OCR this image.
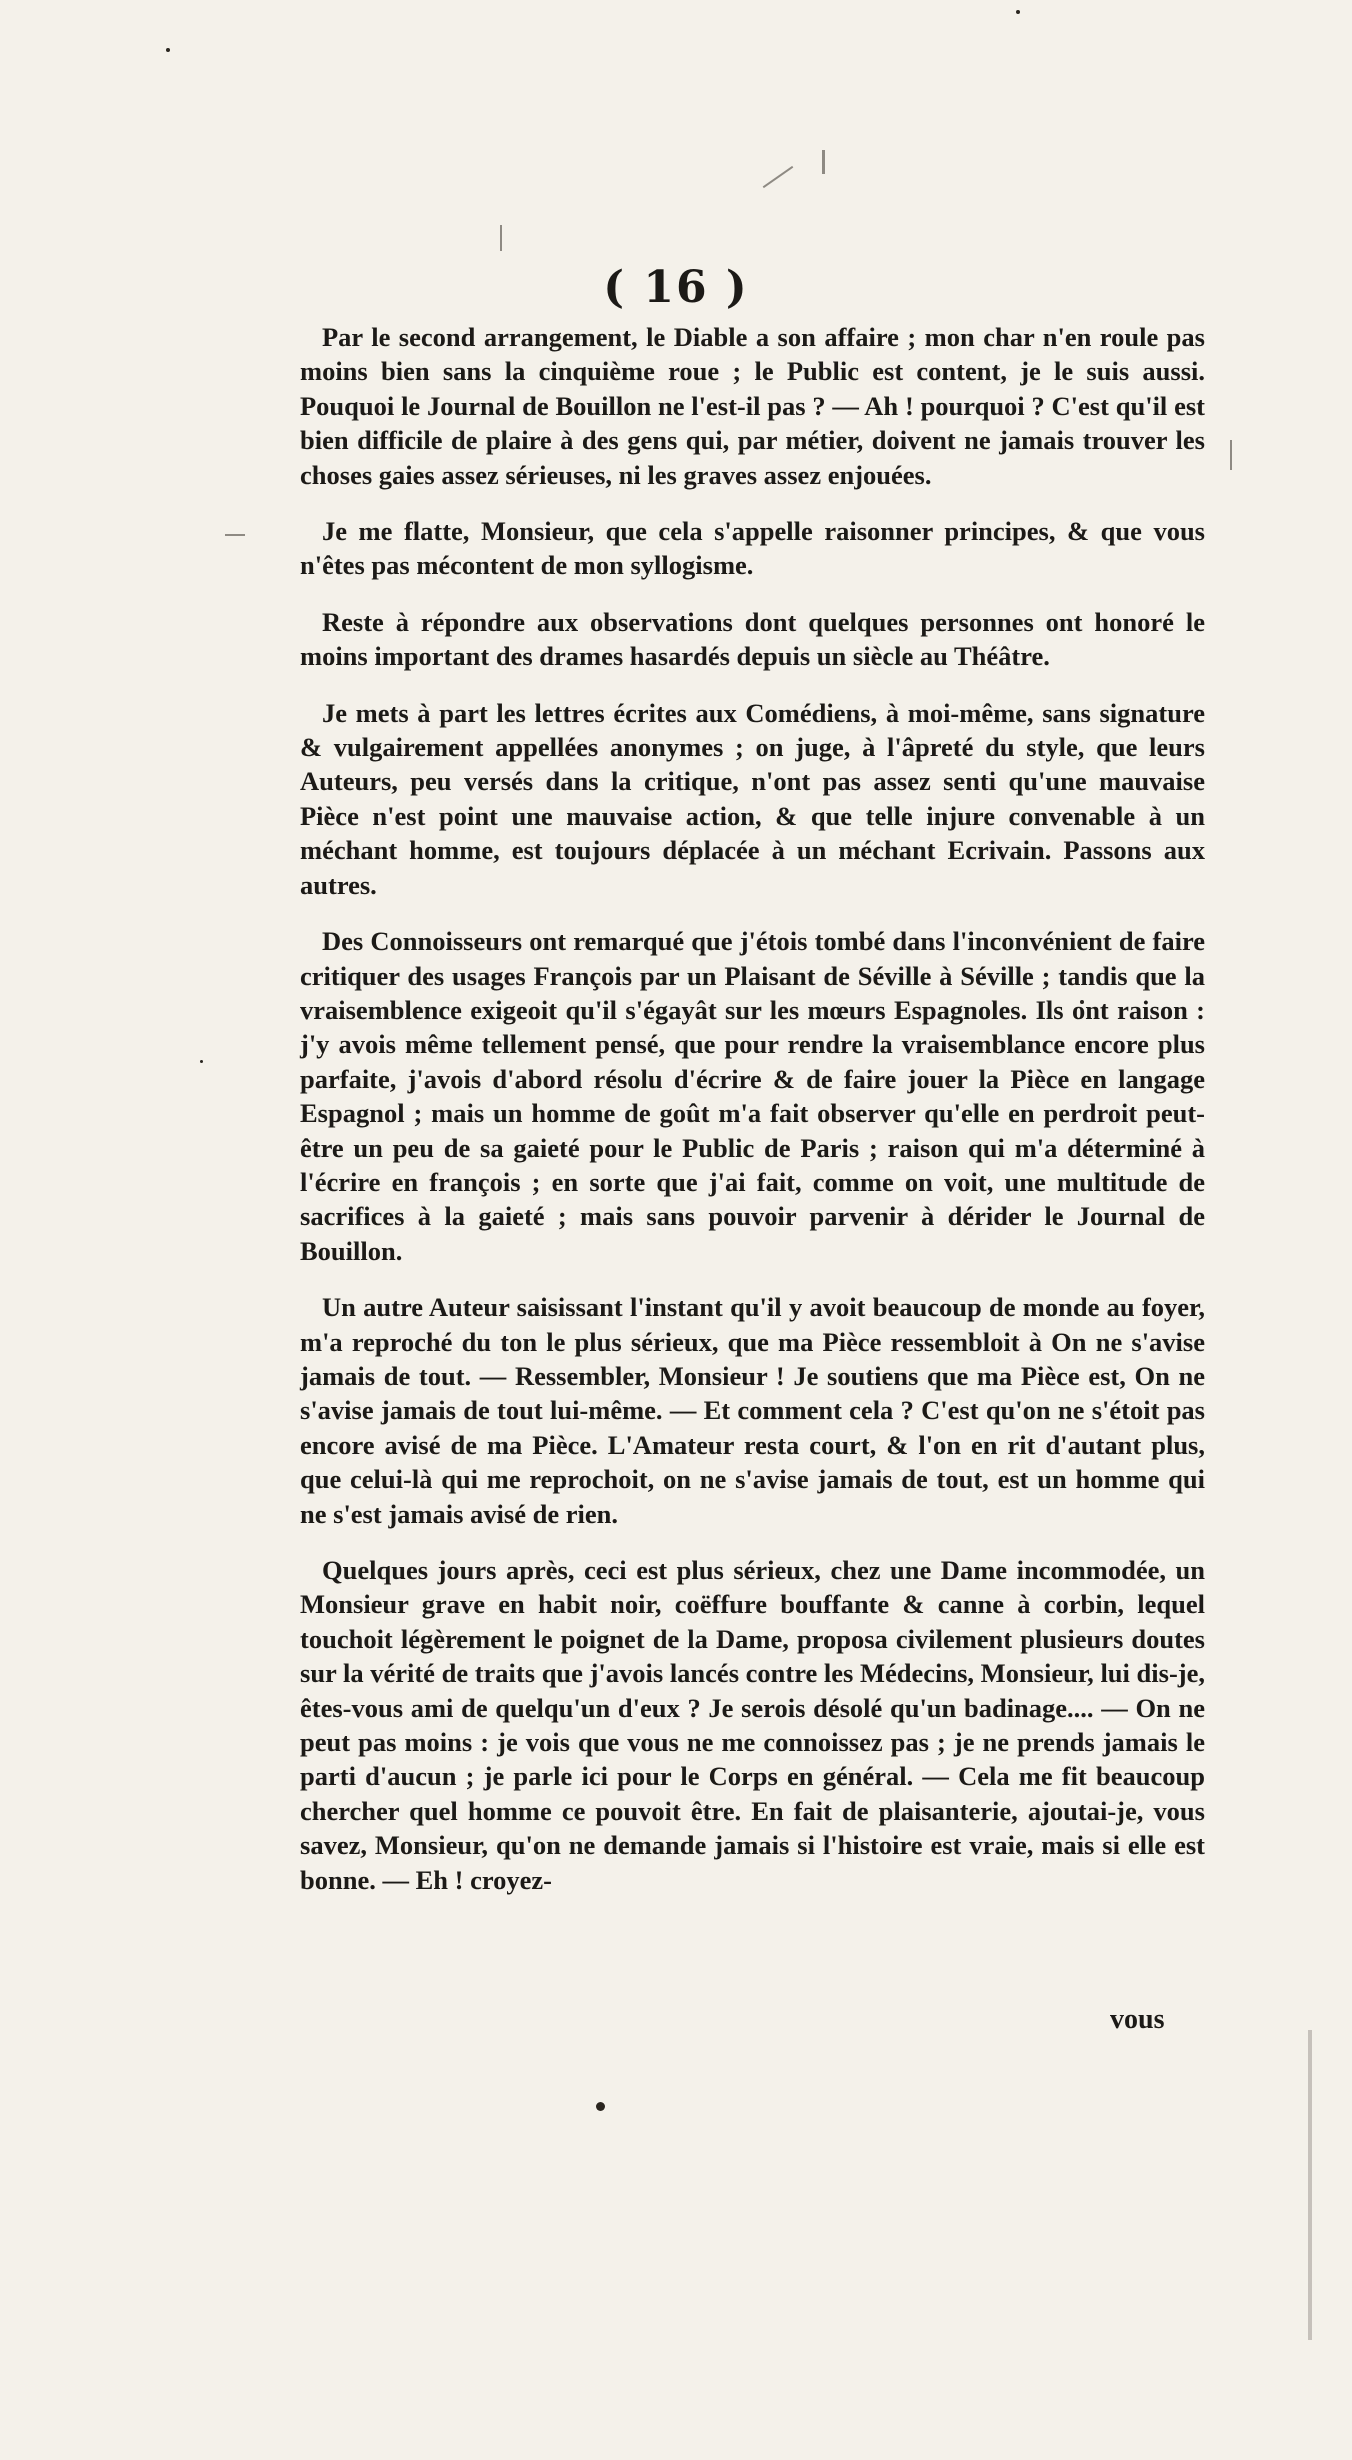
( 16 )

Par le second arrangement, le Diable a son affaire ; mon char n'en roule pas moins bien sans la cinquième roue ; le Public est content, je le suis aussi. Pouquoi le Journal de Bouillon ne l'est-il pas ? — Ah ! pourquoi ? C'est qu'il est bien difficile de plaire à des gens qui, par métier, doivent ne jamais trouver les choses gaies assez sérieuses, ni les graves assez enjouées.

Je me flatte, Monsieur, que cela s'appelle raisonner principes, & que vous n'êtes pas mécontent de mon syllogisme.

Reste à répondre aux observations dont quelques personnes ont honoré le moins important des drames hasardés depuis un siècle au Théâtre.

Je mets à part les lettres écrites aux Comédiens, à moi-même, sans signature & vulgairement appellées anonymes ; on juge, à l'âpreté du style, que leurs Auteurs, peu versés dans la critique, n'ont pas assez senti qu'une mauvaise Pièce n'est point une mauvaise action, & que telle injure convenable à un méchant homme, est toujours déplacée à un méchant Ecrivain. Passons aux autres.

Des Connoisseurs ont remarqué que j'étois tombé dans l'inconvénient de faire critiquer des usages François par un Plaisant de Séville à Séville ; tandis que la vraisemblence exigeoit qu'il s'égayât sur les mœurs Espagnoles. Ils ont raison : j'y avois même tellement pensé, que pour rendre la vraisemblance encore plus parfaite, j'avois d'abord résolu d'écrire & de faire jouer la Pièce en langage Espagnol ; mais un homme de goût m'a fait observer qu'elle en perdroit peut-être un peu de sa gaieté pour le Public de Paris ; raison qui m'a déterminé à l'écrire en françois ; en sorte que j'ai fait, comme on voit, une multitude de sacrifices à la gaieté ; mais sans pouvoir parvenir à dérider le Journal de Bouillon.

Un autre Auteur saisissant l'instant qu'il y avoit beaucoup de monde au foyer, m'a reproché du ton le plus sérieux, que ma Pièce ressembloit à On ne s'avise jamais de tout. — Ressembler, Monsieur ! Je soutiens que ma Pièce est, On ne s'avise jamais de tout lui-même. — Et comment cela ? C'est qu'on ne s'étoit pas encore avisé de ma Pièce. L'Amateur resta court, & l'on en rit d'autant plus, que celui-là qui me reprochoit, on ne s'avise jamais de tout, est un homme qui ne s'est jamais avisé de rien.

Quelques jours après, ceci est plus sérieux, chez une Dame incommodée, un Monsieur grave en habit noir, coëffure bouffante & canne à corbin, lequel touchoit légèrement le poignet de la Dame, proposa civilement plusieurs doutes sur la vérité de traits que j'avois lancés contre les Médecins, Monsieur, lui dis-je, êtes-vous ami de quelqu'un d'eux ? Je serois désolé qu'un badinage.... — On ne peut pas moins : je vois que vous ne me connoissez pas ; je ne prends jamais le parti d'aucun ; je parle ici pour le Corps en général. — Cela me fit beaucoup chercher quel homme ce pouvoit être. En fait de plaisanterie, ajoutai-je, vous savez, Monsieur, qu'on ne demande jamais si l'histoire est vraie, mais si elle est bonne. — Eh ! croyez-

vous
